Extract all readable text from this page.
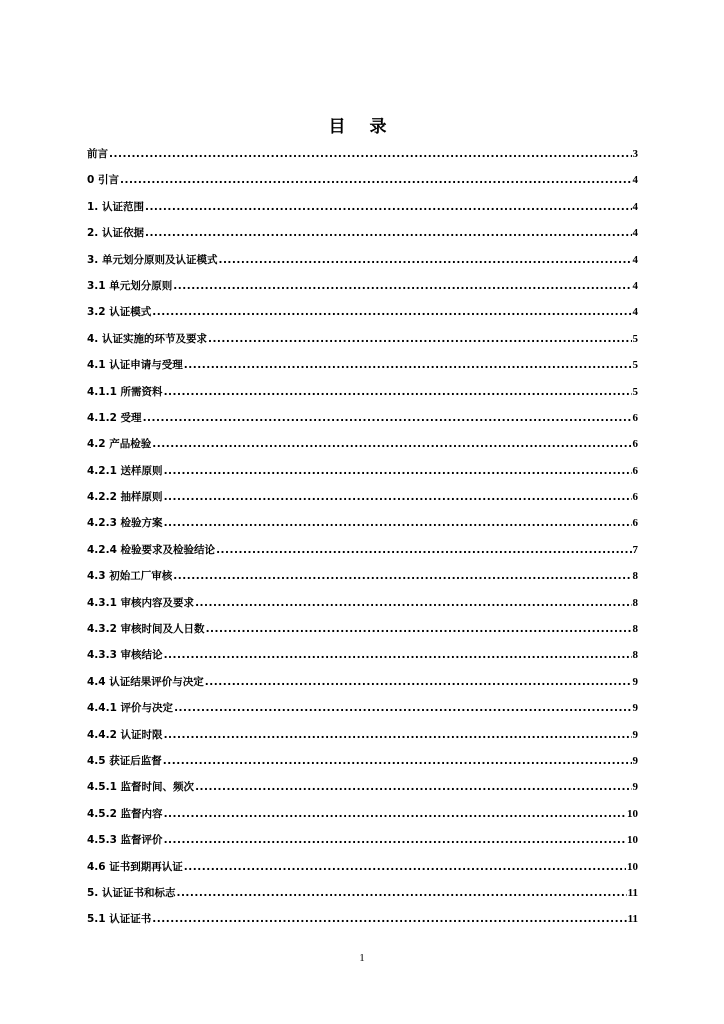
目 录
前言 .....	3
0 引言 .....	4
1. 认证范围 .....	4
2. 认证依据 .....	4
3. 单元划分原则及认证模式 .....	4
3.1 单元划分原则 .....	4
3.2 认证模式 .....	4
4. 认证实施的环节及要求 .....	5
4.1 认证申请与受理 .....	5
4.1.1 所需资料 .....	5
4.1.2 受理 .....	6
4.2 产品检验 .....	6
4.2.1 送样原则 .....	6
4.2.2 抽样原则 .....	6
4.2.3 检验方案 .....	6
4.2.4 检验要求及检验结论 .....	7
4.3 初始工厂审核 .....	8
4.3.1 审核内容及要求 .....	8
4.3.2 审核时间及人日数 .....	8
4.3.3 审核结论 .....	8
4.4 认证结果评价与决定 .....	9
4.4.1 评价与决定 .....	9
4.4.2 认证时限 .....	9
4.5 获证后监督 .....	9
4.5.1 监督时间、频次 .....	9
4.5.2 监督内容 .....	10
4.5.3 监督评价 .....	10
4.6 证书到期再认证 .....	10
5. 认证证书和标志 .....	11
5.1 认证证书 .....	11
1
